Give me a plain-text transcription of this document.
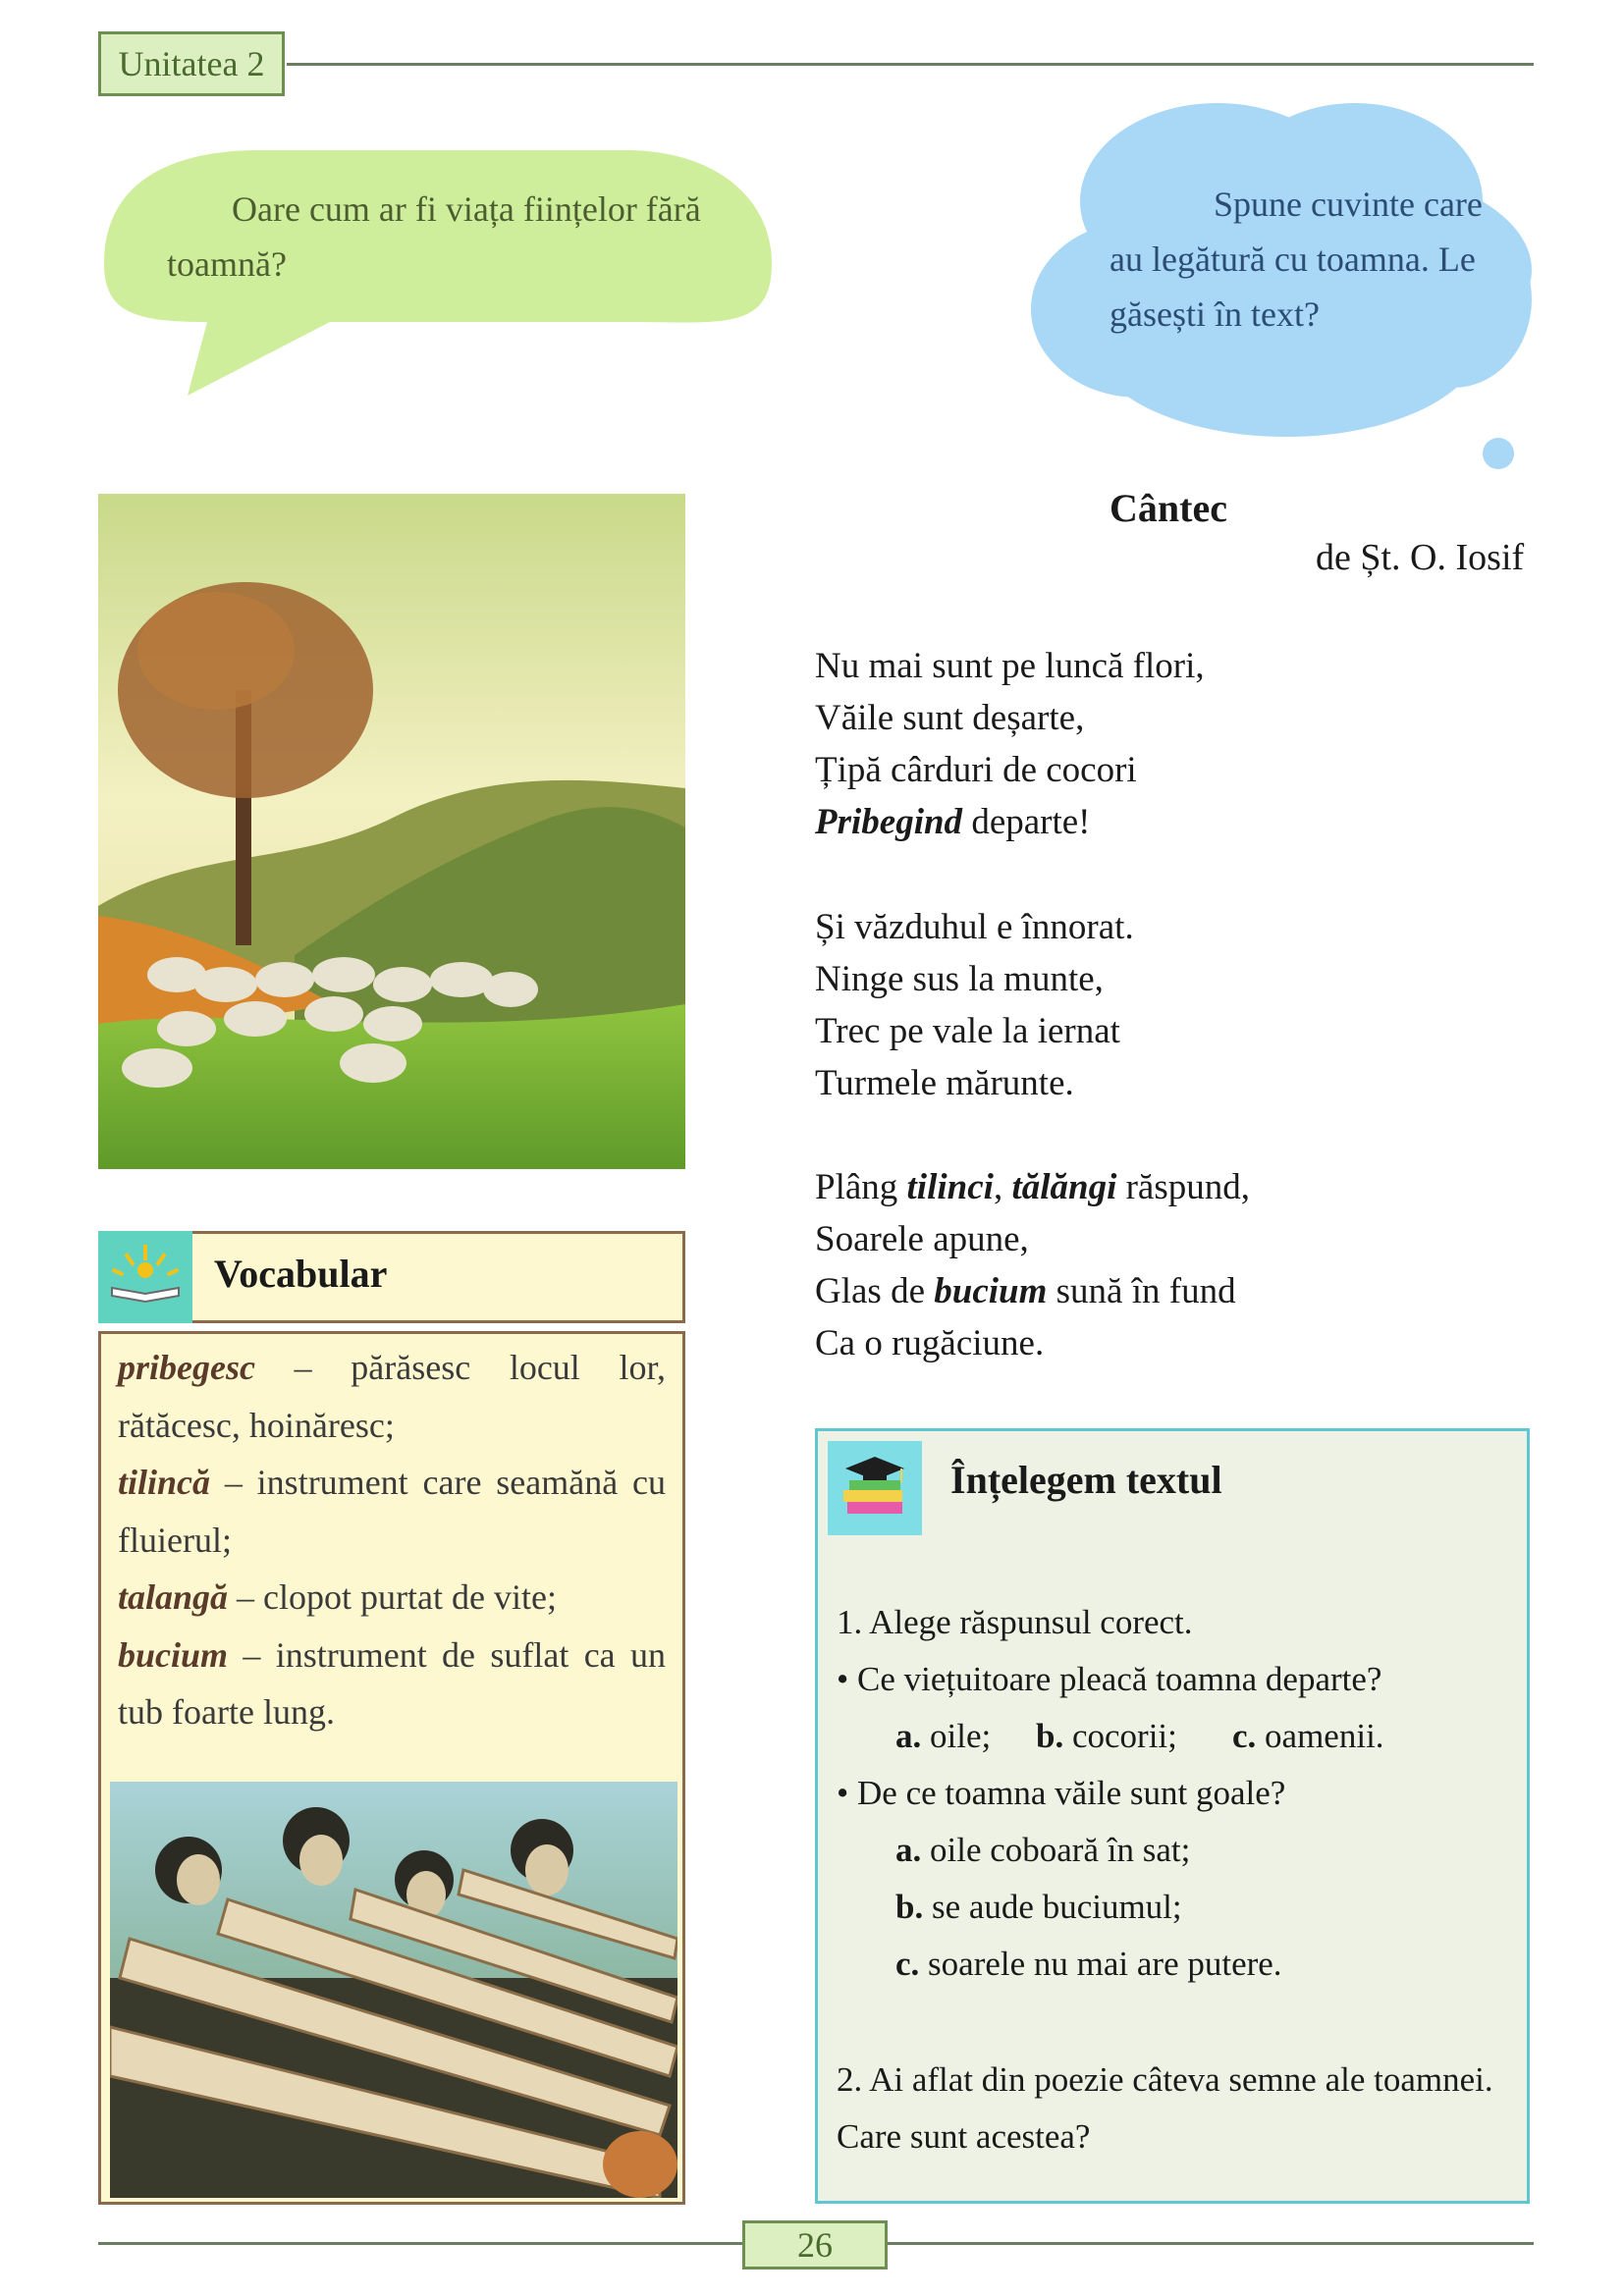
Unitatea 2
Oare cum ar fi viața ființelor fără toamnă?
Spune cuvinte care au legătură cu toamna. Le găsești în text?
Cântec
de Șt. O. Iosif
Nu mai sunt pe luncă flori,
Văile sunt deșarte,
Țipă cârduri de cocori
Pribegind departe!
Și văzduhul e înnorat.
Ninge sus la munte,
Trec pe vale la iernat
Turmele mărunte.
Plâng tilinci, tălăngi răspund,
Soarele apune,
Glas de bucium sună în fund
Ca o rugăciune.
Vocabular
pribegesc – părăsesc locul lor, rătăcesc, hoinăresc;
tilincă – instrument care seamănă cu fluierul;
talangă – clopot purtat de vite;
bucium – instrument de suflat ca un tub foarte lung.
Înțelegem textul
1. Alege răspunsul corect.
• Ce viețuitoare pleacă toamna departe?
a. oile; b. cocorii; c. oamenii.
• De ce toamna văile sunt goale?
a. oile coboară în sat;
b. se aude buciumul;
c. soarele nu mai are putere.
2. Ai aflat din poezie câteva semne ale toamnei. Care sunt acestea?
26
